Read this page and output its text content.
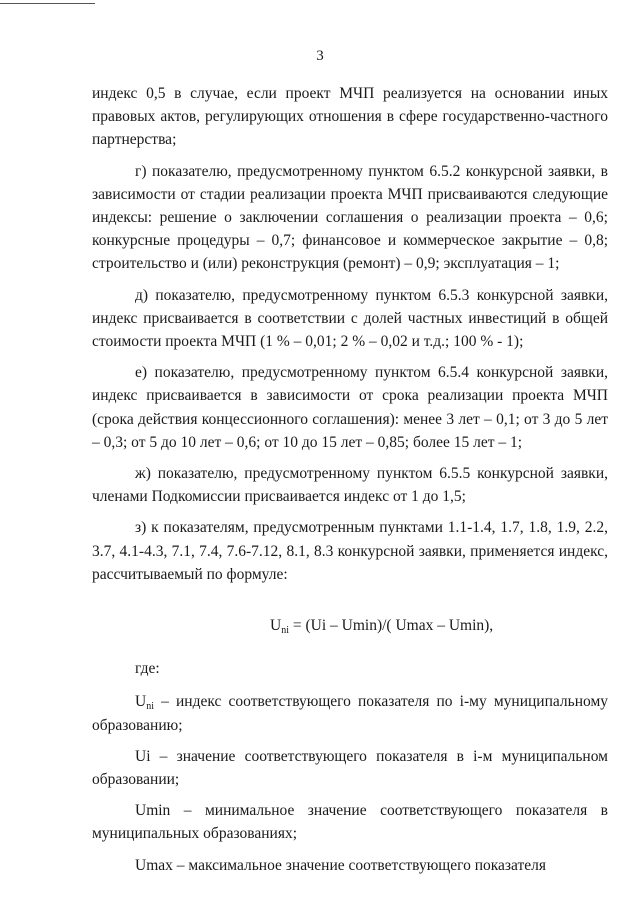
3

индекс 0,5 в случае, если проект МЧП реализуется на основании иных правовых актов, регулирующих отношения в сфере государственно-частного партнерства;

г) показателю, предусмотренному пунктом 6.5.2 конкурсной заявки, в зависимости от стадии реализации проекта МЧП присваиваются следующие индексы: решение о заключении соглашения о реализации проекта – 0,6; конкурсные процедуры – 0,7; финансовое и коммерческое закрытие – 0,8; строительство и (или) реконструкция (ремонт) – 0,9; эксплуатация – 1;

д) показателю, предусмотренному пунктом 6.5.3 конкурсной заявки, индекс присваивается в соответствии с долей частных инвестиций в общей стоимости проекта МЧП (1 % – 0,01; 2 % – 0,02 и т.д.; 100 % - 1);

е) показателю, предусмотренному пунктом 6.5.4 конкурсной заявки, индекс присваивается в зависимости от срока реализации проекта МЧП (срока действия концессионного соглашения): менее 3 лет – 0,1; от 3 до 5 лет – 0,3; от 5 до 10 лет – 0,6; от 10 до 15 лет – 0,85; более 15 лет – 1;

ж) показателю, предусмотренному пунктом 6.5.5 конкурсной заявки, членами Подкомиссии присваивается индекс от 1 до 1,5;

з) к показателям, предусмотренным пунктами 1.1-1.4, 1.7, 1.8, 1.9, 2.2, 3.7, 4.1-4.3, 7.1, 7.4, 7.6-7.12, 8.1, 8.3 конкурсной заявки, применяется индекс, рассчитываемый по формуле:

$U_{ni} = (Ui - Umin)/$( Umax – Umin),

где:

$U_{ni}$ – индекс соответствующего показателя по i-му муниципальному образованию;

Ui – значение соответствующего показателя в i-м муниципальном образовании;

Umin – минимальное значение соответствующего показателя в муниципальных образованиях;

Umax – максимальное значение соответствующего показателя
